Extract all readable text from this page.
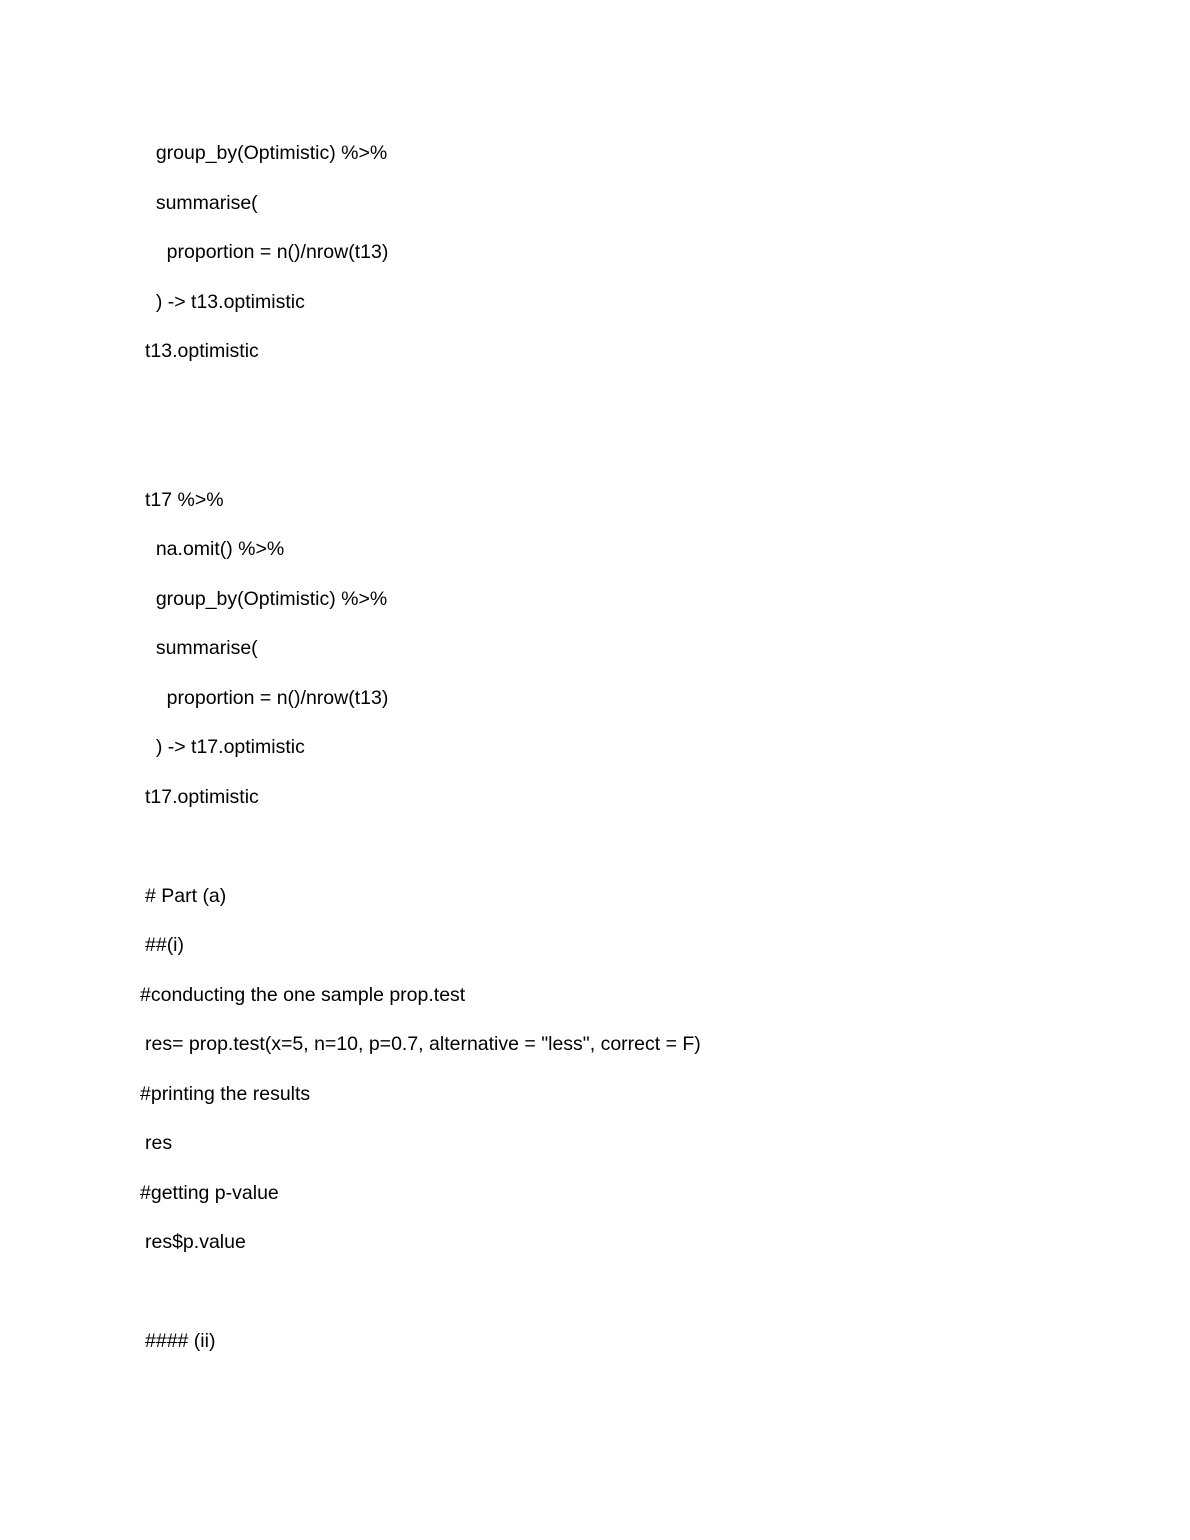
group_by(Optimistic) %>%
summarise(
proportion = n()/nrow(t13)
) -> t13.optimistic
t13.optimistic
t17 %>%
na.omit() %>%
group_by(Optimistic) %>%
summarise(
proportion = n()/nrow(t13)
) -> t17.optimistic
t17.optimistic
# Part (a)
##(i)
#conducting the one sample prop.test
res= prop.test(x=5, n=10, p=0.7, alternative = "less", correct = F)
#printing the results
res
#getting p-value
res$p.value
#### (ii)
